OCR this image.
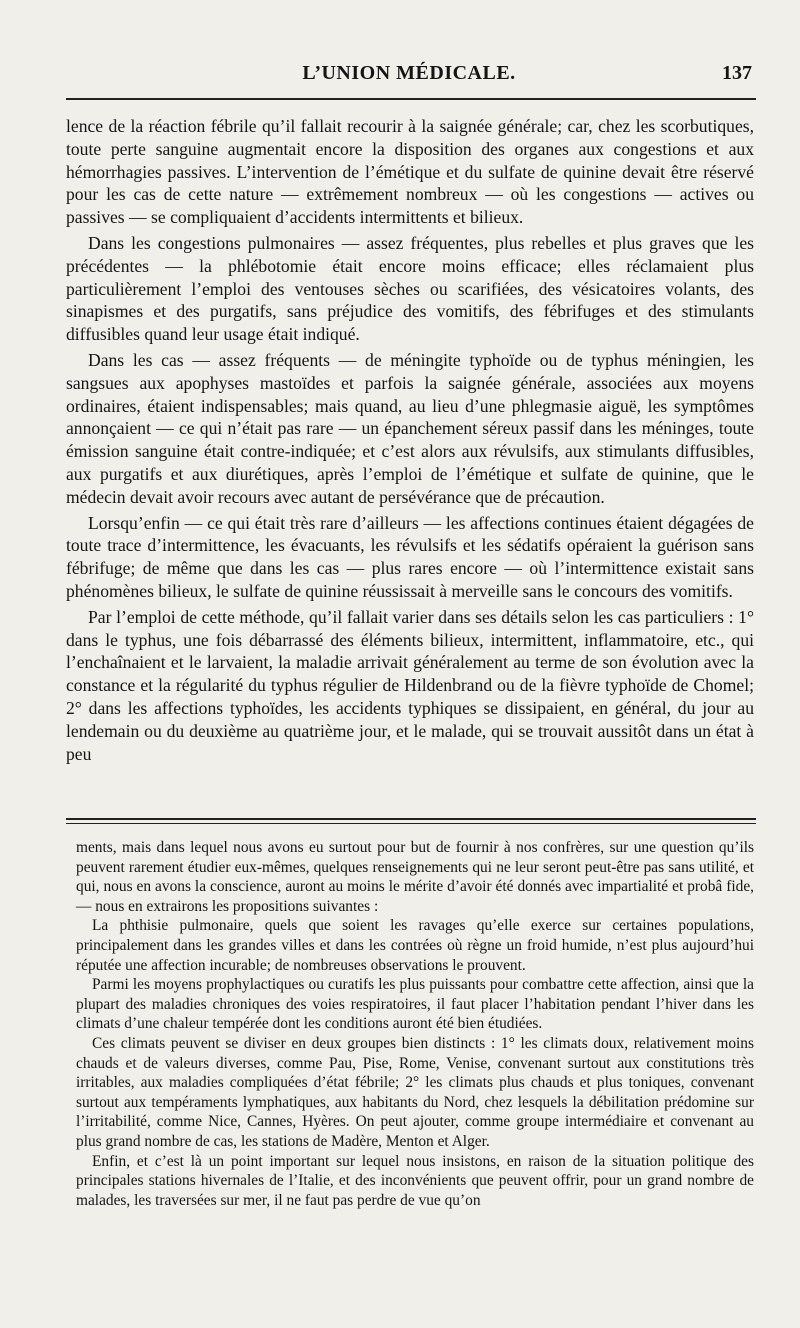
L’UNION MÉDICALE.	137

lence de la réaction fébrile qu’il fallait recourir à la saignée générale; car, chez les scorbutiques, toute perte sanguine augmentait encore la disposition des organes aux congestions et aux hémorrhagies passives. L’intervention de l’émétique et du sulfate de quinine devait être réservé pour les cas de cette nature — extrêmement nombreux — où les congestions — actives ou passives — se compliquaient d’accidents intermittents et bilieux.

Dans les congestions pulmonaires — assez fréquentes, plus rebelles et plus graves que les précédentes — la phlébotomie était encore moins efficace; elles réclamaient plus particulièrement l’emploi des ventouses sèches ou scarifiées, des vésicatoires volants, des sinapismes et des purgatifs, sans préjudice des vomitifs, des fébrifuges et des stimulants diffusibles quand leur usage était indiqué.

Dans les cas — assez fréquents — de méningite typhoïde ou de typhus méningien, les sangsues aux apophyses mastoïdes et parfois la saignée générale, associées aux moyens ordinaires, étaient indispensables; mais quand, au lieu d’une phlegmasie aiguë, les symptômes annonçaient — ce qui n’était pas rare — un épanchement séreux passif dans les méninges, toute émission sanguine était contre-indiquée; et c’est alors aux révulsifs, aux stimulants diffusibles, aux purgatifs et aux diurétiques, après l’emploi de l’émétique et sulfate de quinine, que le médecin devait avoir recours avec autant de persévérance que de précaution.

Lorsqu’enfin — ce qui était très rare d’ailleurs — les affections continues étaient dégagées de toute trace d’intermittence, les évacuants, les révulsifs et les sédatifs opéraient la guérison sans fébrifuge; de même que dans les cas — plus rares encore — où l’intermittence existait sans phénomènes bilieux, le sulfate de quinine réussissait à merveille sans le concours des vomitifs.

Par l’emploi de cette méthode, qu’il fallait varier dans ses détails selon les cas particuliers : 1° dans le typhus, une fois débarrassé des éléments bilieux, intermittent, inflammatoire, etc., qui l’enchaînaient et le larvaient, la maladie arrivait généralement au terme de son évolution avec la constance et la régularité du typhus régulier de Hildenbrand ou de la fièvre typhoïde de Chomel; 2° dans les affections typhoïdes, les accidents typhiques se dissipaient, en général, du jour au lendemain ou du deuxième au quatrième jour, et le malade, qui se trouvait aussitôt dans un état à peu

ments, mais dans lequel nous avons eu surtout pour but de fournir à nos confrères, sur une question qu’ils peuvent rarement étudier eux-mêmes, quelques renseignements qui ne leur seront peut-être pas sans utilité, et qui, nous en avons la conscience, auront au moins le mérite d’avoir été donnés avec impartialité et probâ fide, — nous en extrairons les propositions suivantes :

La phthisie pulmonaire, quels que soient les ravages qu’elle exerce sur certaines populations, principalement dans les grandes villes et dans les contrées où règne un froid humide, n’est plus aujourd’hui réputée une affection incurable; de nombreuses observations le prouvent.

Parmi les moyens prophylactiques ou curatifs les plus puissants pour combattre cette affection, ainsi que la plupart des maladies chroniques des voies respiratoires, il faut placer l’habitation pendant l’hiver dans les climats d’une chaleur tempérée dont les conditions auront été bien étudiées.

Ces climats peuvent se diviser en deux groupes bien distincts : 1° les climats doux, relativement moins chauds et de valeurs diverses, comme Pau, Pise, Rome, Venise, convenant surtout aux constitutions très irritables, aux maladies compliquées d’état fébrile; 2° les climats plus chauds et plus toniques, convenant surtout aux tempéraments lymphatiques, aux habitants du Nord, chez lesquels la débilitation prédomine sur l’irritabilité, comme Nice, Cannes, Hyères. On peut ajouter, comme groupe intermédiaire et convenant au plus grand nombre de cas, les stations de Madère, Menton et Alger.

Enfin, et c’est là un point important sur lequel nous insistons, en raison de la situation politique des principales stations hivernales de l’Italie, et des inconvénients que peuvent offrir, pour un grand nombre de malades, les traversées sur mer, il ne faut pas perdre de vue qu’on
